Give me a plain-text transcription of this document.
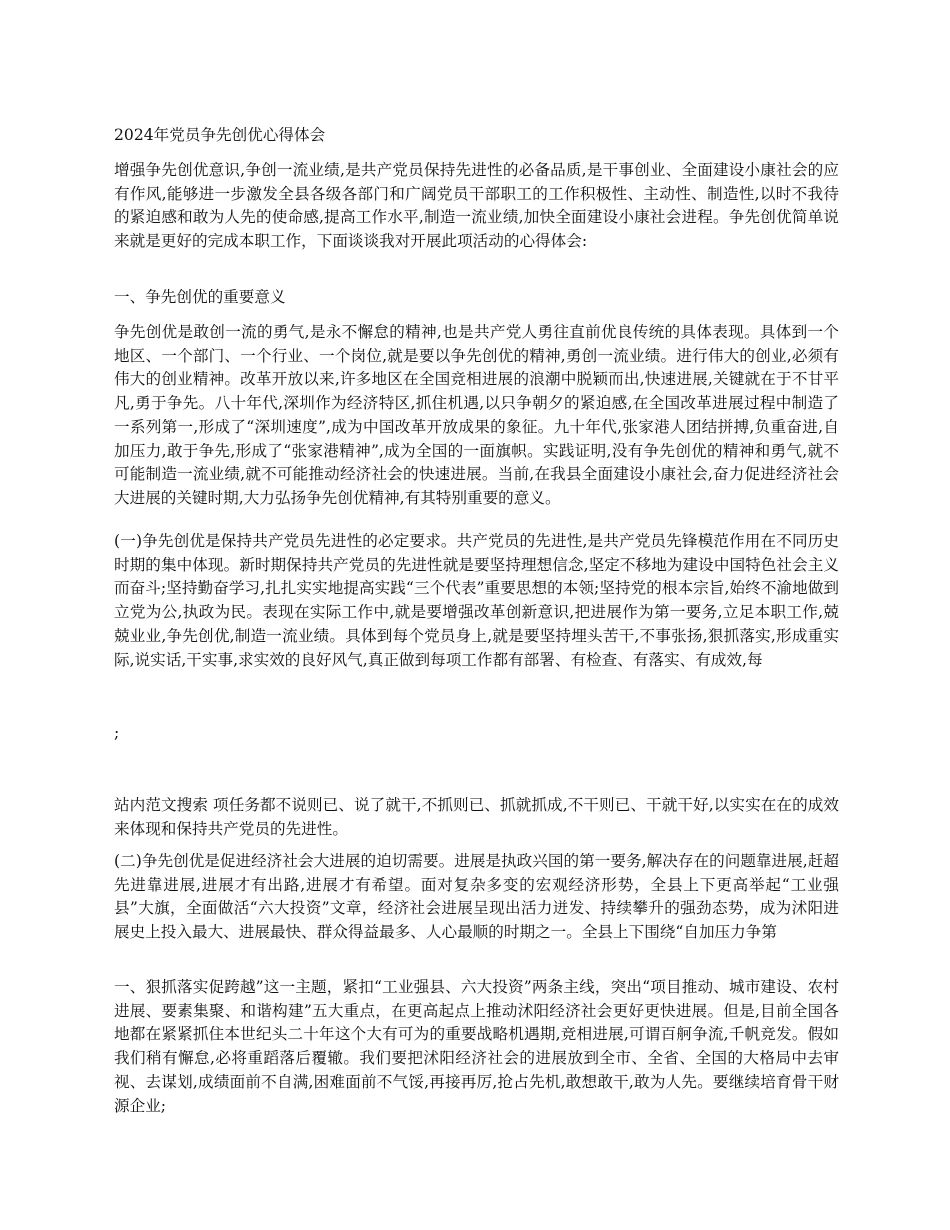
2024年党员争先创优心得体会

增强争先创优意识,争创一流业绩,是共产党员保持先进性的必备品质,是干事创业、全面建设小康社会的应有作风,能够进一步激发全县各级各部门和广阔党员干部职工的工作积极性、主动性、制造性,以时不我待的紧迫感和敢为人先的使命感,提高工作水平,制造一流业绩,加快全面建设小康社会进程。争先创优简单说来就是更好的完成本职工作，下面谈谈我对开展此项活动的心得体会:

一、争先创优的重要意义

争先创优是敢创一流的勇气,是永不懈怠的精神,也是共产党人勇往直前优良传统的具体表现。具体到一个地区、一个部门、一个行业、一个岗位,就是要以争先创优的精神,勇创一流业绩。进行伟大的创业,必须有伟大的创业精神。改革开放以来,许多地区在全国竞相进展的浪潮中脱颖而出,快速进展,关键就在于不甘平凡,勇于争先。八十年代,深圳作为经济特区,抓住机遇,以只争朝夕的紧迫感,在全国改革进展过程中制造了一系列第一,形成了“深圳速度”,成为中国改革开放成果的象征。九十年代,张家港人团结拼搏,负重奋进,自加压力,敢于争先,形成了“张家港精神”,成为全国的一面旗帜。实践证明,没有争先创优的精神和勇气,就不可能制造一流业绩,就不可能推动经济社会的快速进展。当前,在我县全面建设小康社会,奋力促进经济社会大进展的关键时期,大力弘扬争先创优精神,有其特别重要的意义。

(一)争先创优是保持共产党员先进性的必定要求。共产党员的先进性,是共产党员先锋模范作用在不同历史时期的集中体现。新时期保持共产党员的先进性就是要坚持理想信念,坚定不移地为建设中国特色社会主义而奋斗;坚持勤奋学习,扎扎实实地提高实践“三个代表”重要思想的本领;坚持党的根本宗旨,始终不渝地做到立党为公,执政为民。表现在实际工作中,就是要增强改革创新意识,把进展作为第一要务,立足本职工作,兢兢业业,争先创优,制造一流业绩。具体到每个党员身上,就是要坚持埋头苦干,不事张扬,狠抓落实,形成重实际,说实话,干实事,求实效的良好风气,真正做到每项工作都有部署、有检查、有落实、有成效,每

;

站内范文搜索 项任务都不说则已、说了就干,不抓则已、抓就抓成,不干则已、干就干好,以实实在在的成效来体现和保持共产党员的先进性。

(二)争先创优是促进经济社会大进展的迫切需要。进展是执政兴国的第一要务,解决存在的问题靠进展,赶超先进靠进展,进展才有出路,进展才有希望。面对复杂多变的宏观经济形势，全县上下更高举起“工业强县”大旗，全面做活“六大投资”文章，经济社会进展呈现出活力迸发、持续攀升的强劲态势，成为沭阳进展史上投入最大、进展最快、群众得益最多、人心最顺的时期之一。全县上下围绕“自加压力争第

一、狠抓落实促跨越”这一主题，紧扣“工业强县、六大投资”两条主线，突出“项目推动、城市建设、农村进展、要素集聚、和谐构建”五大重点，在更高起点上推动沭阳经济社会更好更快进展。但是,目前全国各地都在紧紧抓住本世纪头二十年这个大有可为的重要战略机遇期,竞相进展,可谓百舸争流,千帆竞发。假如我们稍有懈怠,必将重蹈落后覆辙。我们要把沭阳经济社会的进展放到全市、全省、全国的大格局中去审视、去谋划,成绩面前不自满,困难面前不气馁,再接再厉,抢占先机,敢想敢干,敢为人先。要继续培育骨干财源企业;
